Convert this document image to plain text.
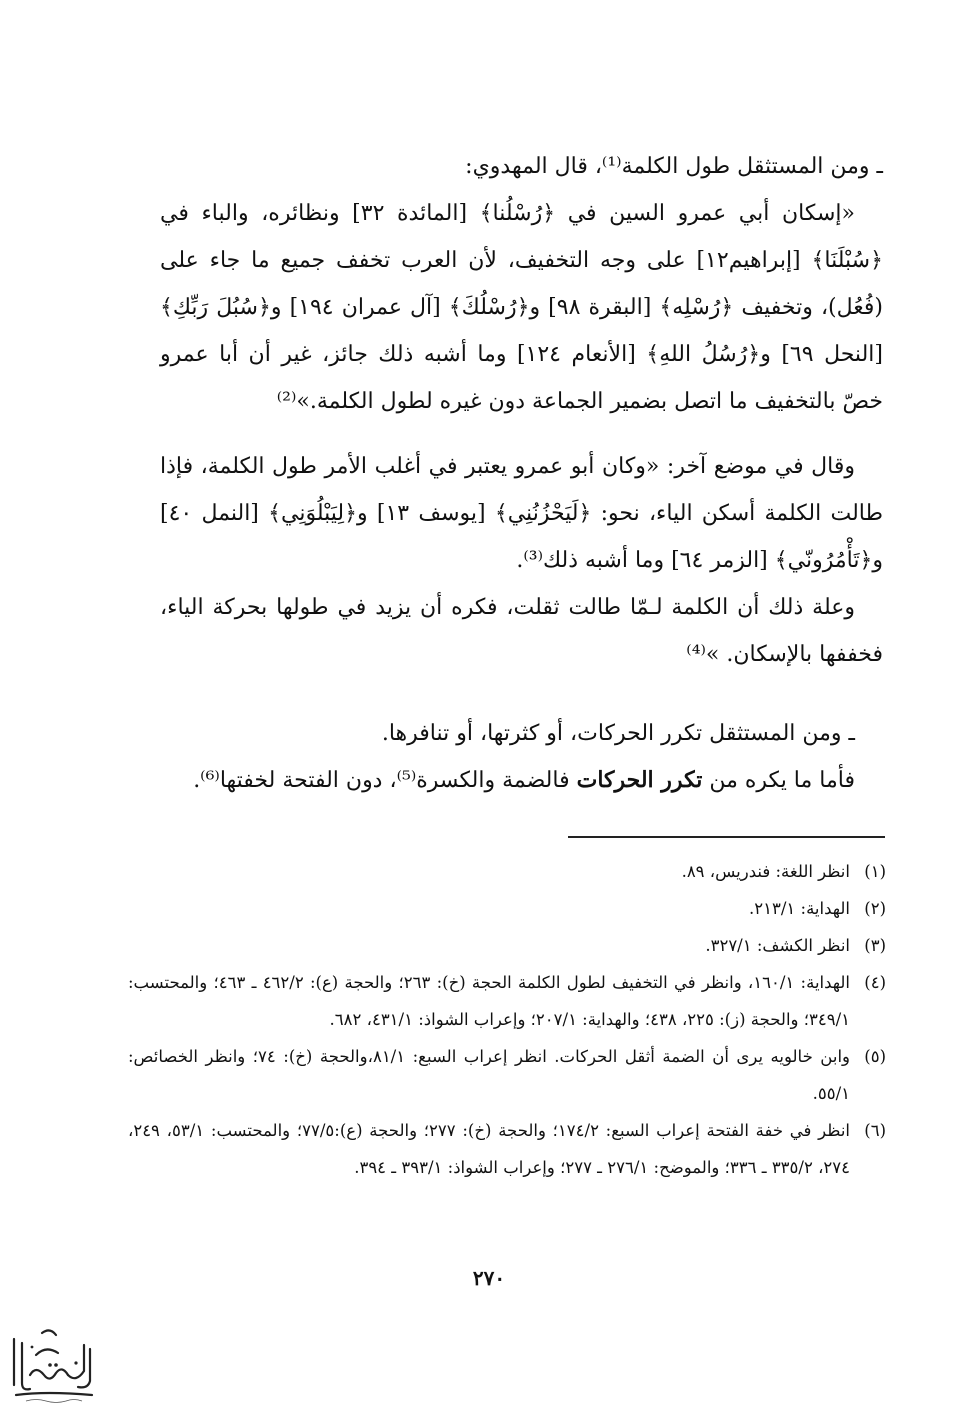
ـ ومن المستثقل طول الكلمة⁽¹⁾، قال المهدوي:

«إسكان أبي عمرو السين في ﴿رُسْلُنا﴾ [المائدة ٣٢] ونظائره، والباء في ﴿سُبْلَنَا﴾ [إبراهيم١٢] على وجه التخفيف، لأن العرب تخفف جميع ما جاء على (فُعُل)، وتخفيف ﴿رُسْلِه﴾ [البقرة ٩٨] و﴿رُسْلُكَ﴾ [آل عمران ١٩٤] و﴿سُبُلَ رَبِّكِ﴾ [النحل ٦٩] و﴿رُسُلُ اللهِ﴾ [الأنعام ١٢٤] وما أشبه ذلك جائز، غير أن أبا عمرو خصّ بالتخفيف ما اتصل بضمير الجماعة دون غيره لطول الكلمة.»⁽²⁾

وقال في موضع آخر: «وكان أبو عمرو يعتبر في أغلب الأمر طول الكلمة، فإذا طالت الكلمة أسكن الياء، نحو: ﴿لَيَحْزُنُنِي﴾ [يوسف ١٣] و﴿لِيَبْلُوَنِي﴾ [النمل ٤٠] و﴿تَأْمُرُونّي﴾ [الزمر ٦٤] وما أشبه ذلك⁽³⁾.

وعلة ذلك أن الكلمة لـمّا طالت ثقلت، فكره أن يزيد في طولها بحركة الياء، فخففها بالإسكان. »⁽⁴⁾

ـ ومن المستثقل تكرر الحركات، أو كثرتها، أو تنافرها.

فأما ما يكره من تكرر الحركات فالضمة والكسرة⁽⁵⁾، دون الفتحة لخفتها⁽⁶⁾.

(١)
انظر اللغة: فندريس، ٨٩.
(٢)
الهداية: ٢١٣/١.
(٣)
انظر الكشف: ٣٢٧/١.
(٤)
الهداية: ١٦٠/١، وانظر في التخفيف لطول الكلمة الحجة (خ): ٢٦٣؛ والحجة (ع): ٤٦٢/٢ ـ ٤٦٣؛ والمحتسب: ٣٤٩/١؛ والحجة (ز): ٢٢٥، ٤٣٨؛ والهداية: ٢٠٧/١؛ وإعراب الشواذ: ٤٣١/١، ٦٨٢.
(٥)
وابن خالويه يرى أن الضمة أثقل الحركات. انظر إعراب السبع: ٨١/١،والحجة (خ): ٧٤؛ وانظر الخصائص: ٥٥/١.
(٦)
انظر في خفة الفتحة إعراب السبع: ١٧٤/٢؛ والحجة (خ): ٢٧٧؛ والحجة (ع):٧٧/٥؛ والمحتسب: ٥٣/١، ٢٤٩، ٢٧٤، ٣٣٥/٢ ـ ٣٣٦؛ والموضح: ٢٧٦/١ ـ ٢٧٧؛ وإعراب الشواذ: ٣٩٣/١ ـ ٣٩٤.
٢٧٠
